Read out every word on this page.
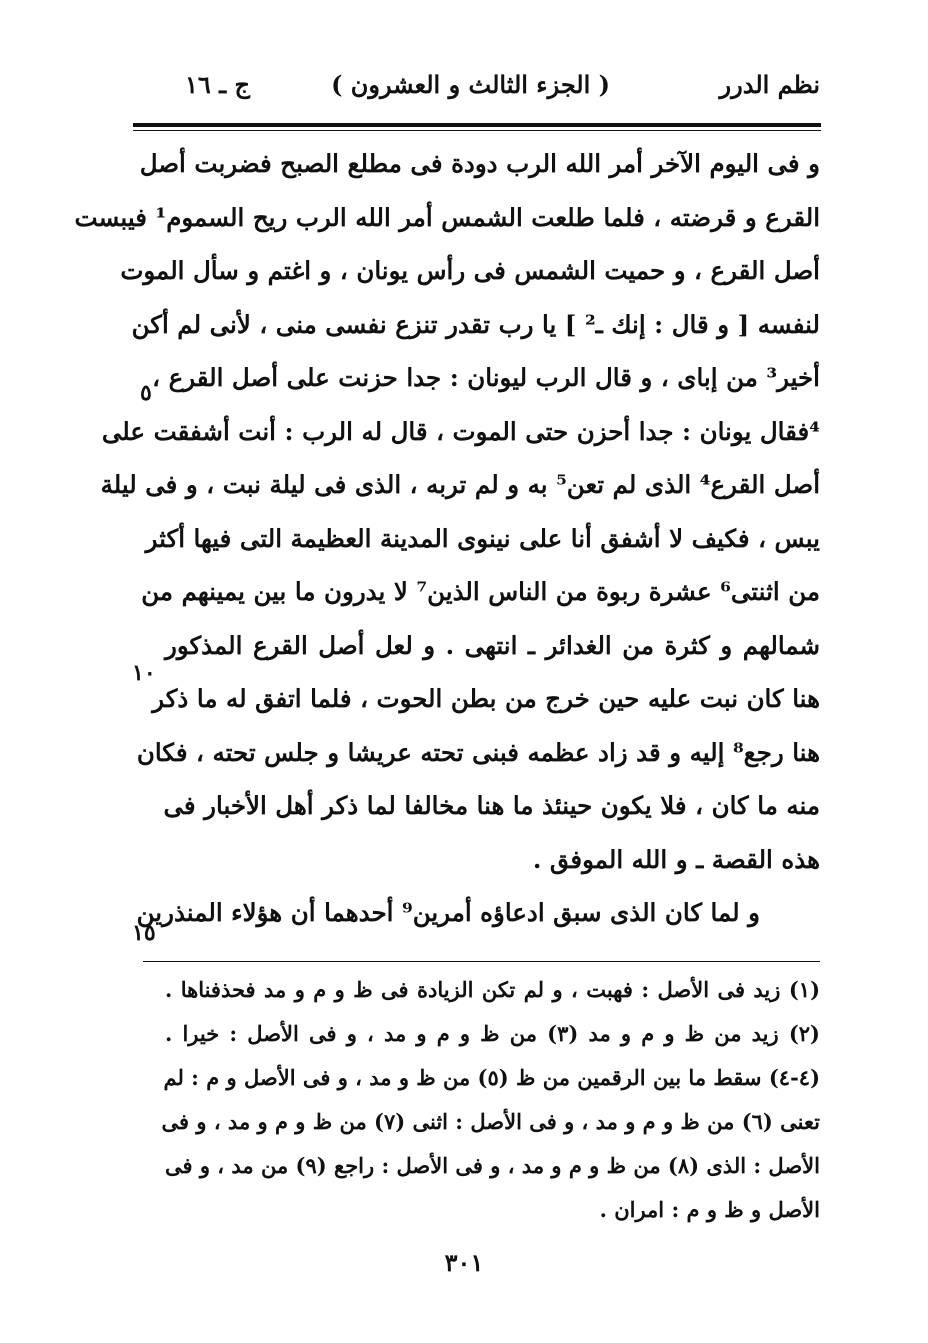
نظم الدرر
( الجزء الثالث و العشرون )
ج ـ ١٦
و فى اليوم الآخر أمر الله الرب دودة فى مطلع الصبح فضربت أصل
القرع و قرضته ، فلما طلعت الشمس أمر الله الرب ريح السموم¹ فيبست
أصل القرع ، و حميت الشمس فى رأس يونان ، و اغتم و سأل الموت
لنفسه [ و قال : إنك ـ² ] يا رب تقدر تنزع نفسى منى ، لأنى لم أكن
أخير³ من إباى ، و قال الرب ليونان : جدا حزنت على أصل القرع ،
⁴فقال يونان : جدا أحزن حتى الموت ، قال له الرب : أنت أشفقت على
أصل القرع⁴ الذى لم تعن⁵ به و لم تربه ، الذى فى ليلة نبت ، و فى ليلة
يبس ، فكيف لا أشفق أنا على نينوى المدينة العظيمة التى فيها أكثر
من اثنتى⁶ عشرة ربوة من الناس الذين⁷ لا يدرون ما بين يمينهم من
شمالهم و كثرة من الغدائر ـ انتهى . و لعل أصل القرع المذكور
هنا كان نبت عليه حين خرج من بطن الحوت ، فلما اتفق له ما ذكر
هنا رجع⁸ إليه و قد زاد عظمه فبنى تحته عريشا و جلس تحته ، فكان
منه ما كان ، فلا يكون حينئذ ما هنا مخالفا لما ذكر أهل الأخبار فى
هذه القصة ـ و الله الموفق .
و لما كان الذى سبق ادعاؤه أمرين⁹ أحدهما أن هؤلاء المنذرين
٥
١٠
١٥
(١) زيد فى الأصل : فهبت ، و لم تكن الزيادة فى ظ و م و مد فحذفناها .
(٢) زيد من ظ و م و مد (٣) من ظ و م و مد ، و فى الأصل : خيرا .
(٤-٤) سقط ما بين الرقمين من ظ (٥) من ظ و مد ، و فى الأصل و م : لم
تعنى (٦) من ظ و م و مد ، و فى الأصل : اثنى (٧) من ظ و م و مد ، و فى
الأصل : الذى (٨) من ظ و م و مد ، و فى الأصل : راجع (٩) من مد ، و فى
الأصل و ظ و م : امران .
٣٠١
